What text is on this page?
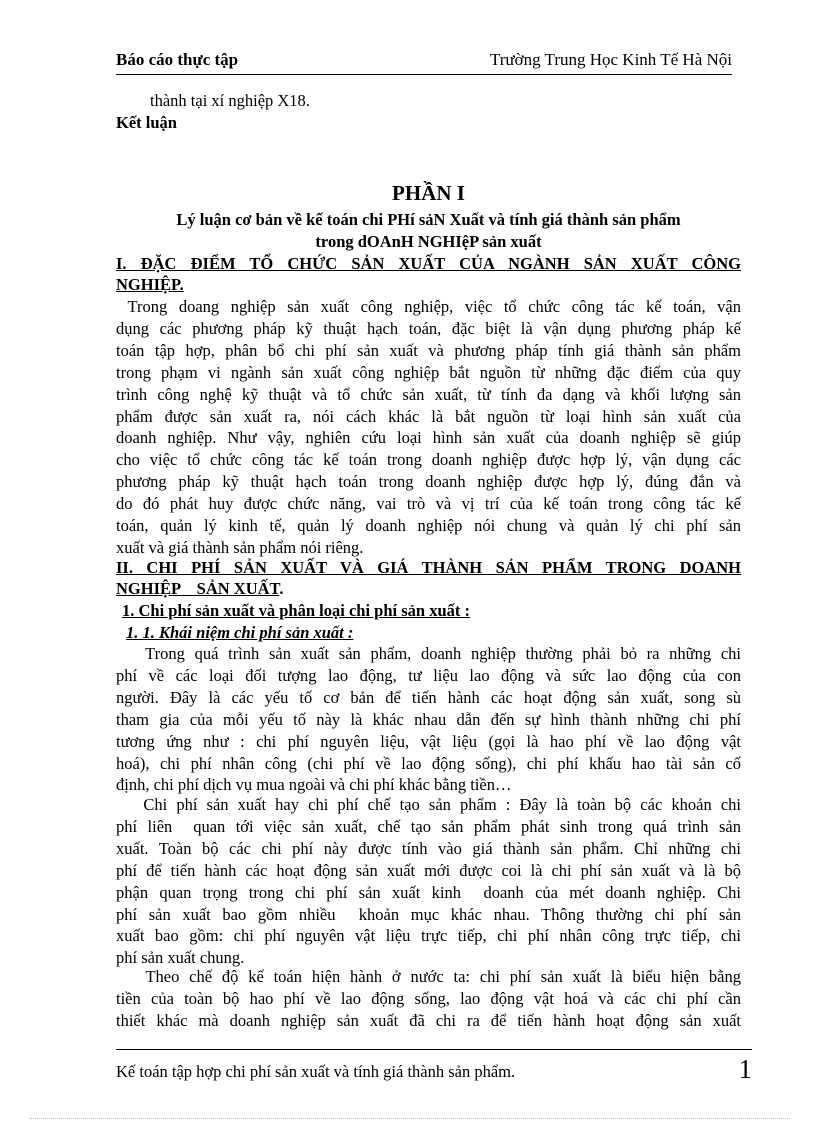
Báo cáo thực tập	Trường Trung Học Kinh Tế Hà Nội
thành tại xí nghiệp X18.
Kết luận
PHẦN I
Lý luận cơ bản về kế toán chi PHí sảN Xuất và tính giá thành sản phẩm
trong dOAnH NGHIệP sản xuất
I. ĐẶC ĐIỂM TỔ CHỨC SẢN XUẤT CỦA NGÀNH SẢN XUẤT CÔNG
NGHIỆP.
Trong doang nghiệp sản xuất công nghiệp, việc tổ chức công tác kế toán, vận
dụng các phương pháp kỹ thuật hạch toán, đặc biệt là vận dụng phương pháp kế
toán tập hợp, phân bổ chi phí sản xuất và phương pháp tính giá thành sản phẩm
trong phạm vi ngành sản xuất công nghiệp bắt nguồn từ những đặc điểm của quy
trình công nghệ kỹ thuật và tổ chức sản xuất, từ tính đa dạng và khối lượng sản
phẩm được sản xuất ra, nói cách khác là bắt nguồn từ loại hình sản xuất của
doanh nghiệp. Như vậy, nghiên cứu loại hình sản xuất của doanh nghiệp sẽ giúp
cho việc tổ chức công tác kế toán trong doanh nghiệp được hợp lý, vận dụng các
phương pháp kỹ thuật hạch toán trong doanh nghiệp được hợp lý, đúng đắn và
do đó phát huy được chức năng, vai trò và vị trí của kế toán trong công tác kế
toán, quản lý kinh tế, quản lý doanh nghiệp nói chung và quản lý chi phí sản
xuất và giá thành sản phẩm nói riêng.
II. CHI PHÍ SẢN XUẤT VÀ GIÁ THÀNH SẢN PHẨM TRONG DOANH
NGHIỆP    SẢN XUẤT.
1. Chi phí sản xuất và phân loại chi phí sản xuất :
1. 1. Khái niệm chi phí sản xuất :
Trong quá trình sản xuất sản phẩm, doanh nghiệp thường phải bỏ ra những chi
phí về các loại đối tượng lao động, tư liệu lao động và sức lao động của con
người. Đây là các yếu tố cơ bản để tiến hành các hoạt động sản xuất, song sù
tham gia của mỗi yếu tố này là khác nhau dẫn đến sự hình thành những chi phí
tương ứng như : chi phí nguyên liệu, vật liệu (gọi là hao phí về lao động vật
hoá), chi phí nhân công (chi phí về lao động sống), chi phí khấu hao tài sản cố
định, chi phí dịch vụ mua ngoài và chi phí khác bằng tiền…
Chi phí sản xuất hay chi phí chế tạo sản phẩm : Đây là toàn bộ các khoản chi
phí liên  quan tới việc sản xuất, chế tạo sản phẩm phát sinh trong quá trình sản
xuất. Toàn bộ các chi phí này được tính vào giá thành sản phẩm. Chỉ những chi
phí để tiến hành các hoạt động sản xuất mới được coi là chi phí sản xuất và là bộ
phận quan trọng trong chi phí sản xuất kinh  doanh của mét doanh nghiệp. Chi
phí sản xuất bao gồm nhiều  khoản mục khác nhau. Thông thường chi phí sản
xuất bao gồm: chi phí nguyên vật liệu trực tiếp, chi phí nhân công trực tiếp, chi
phí sản xuất chung.
Theo chế độ kế toán hiện hành ở nước ta: chi phí sản xuất là biểu hiện bằng
tiền của toàn bộ hao phí về lao động sống, lao động vật hoá và các chi phí cần
thiết khác mà doanh nghiệp sản xuất đã chi ra để tiến hành hoạt động sản xuất
Kế toán tập hợp chi phí sản xuất và tính giá thành sản phẩm.	1
